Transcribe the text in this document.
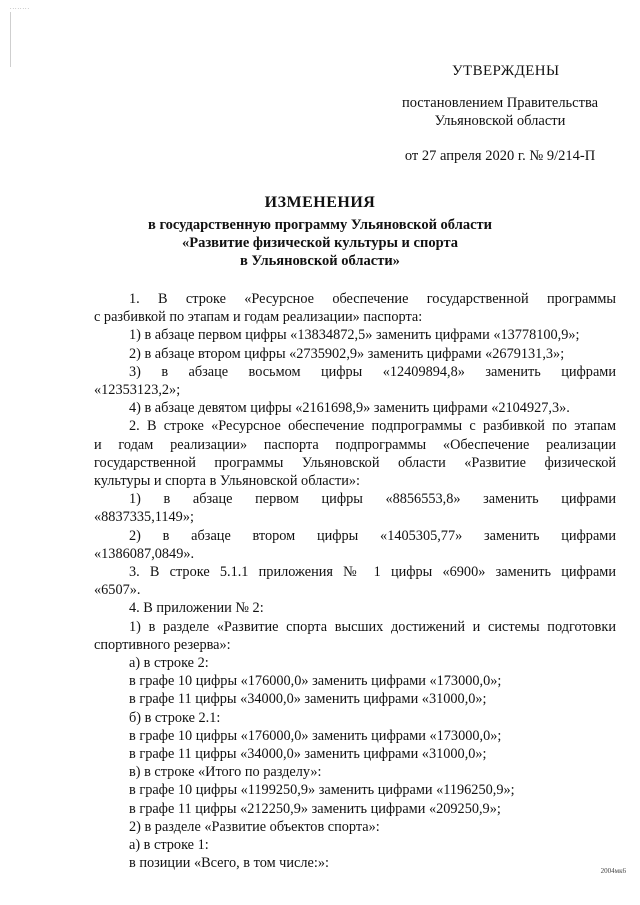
........
УТВЕРЖДЕНЫ
постановлением Правительства
Ульяновской области
от 27 апреля 2020 г. № 9/214-П
ИЗМЕНЕНИЯ
в государственную программу Ульяновской области
«Развитие физической культуры и спорта
в Ульяновской области»

1. В строке «Ресурсное обеспечение государственной программы

с разбивкой по этапам и годам реализации» паспорта:

1) в абзаце первом цифры «13834872,5» заменить цифрами «13778100,9»;

2) в абзаце втором цифры «2735902,9» заменить цифрами «2679131,3»;

3) в абзаце восьмом цифры «12409894,8» заменить цифрами

«12353123,2»;

4) в абзаце девятом цифры «2161698,9» заменить цифрами «2104927,3».

2. В строке «Ресурсное обеспечение подпрограммы с разбивкой по этапам

и годам реализации» паспорта подпрограммы «Обеспечение реализации

государственной программы Ульяновской области «Развитие физической

культуры и спорта в Ульяновской области»:

1) в абзаце первом цифры «8856553,8» заменить цифрами

«8837335,1149»;

2) в абзаце втором цифры «1405305,77» заменить цифрами

«1386087,0849».

3. В строке 5.1.1 приложения № 1 цифры «6900» заменить цифрами

«6507».

4. В приложении № 2:

1) в разделе «Развитие спорта высших достижений и системы подготовки

спортивного резерва»:

а) в строке 2:

в графе 10 цифры «176000,0» заменить цифрами «173000,0»;

в графе 11 цифры «34000,0» заменить цифрами «31000,0»;

б) в строке 2.1:

в графе 10 цифры «176000,0» заменить цифрами «173000,0»;

в графе 11 цифры «34000,0» заменить цифрами «31000,0»;

в) в строке «Итого по разделу»:

в графе 10 цифры «1199250,9» заменить цифрами «1196250,9»;

в графе 11 цифры «212250,9» заменить цифрами «209250,9»;

2) в разделе «Развитие объектов спорта»:

а) в строке 1:

в позиции «Всего, в том числе:»:	2004мк6
